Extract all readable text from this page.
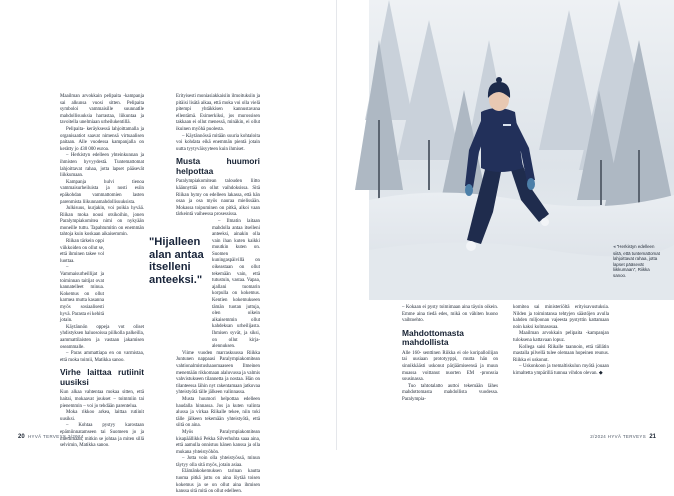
Maailman arvokkain pelipaita -kampanja sai alkunsa vuosi sitten. Pelipaita symboloi vammaisille suunnatlle mahdollisuuksia harrastaa, liikuntaa ja tavoitella unelmiaan urheilukentillä.

Pelipaita- keräyksessä lahjoittamalla ja organisaatiot saavat nimensä virtuaalisen paitaan. Alle vuodessa kampanjalla on kerätty jo 430 000 euroa.

– Herkistyn edelleen yhteinkunnan ja ihmisten hyvyydestä. Tuntemattomat lahjoittavat rahaa, jotta lapset pääsevät liikkumaan.

Kampanja hulvi tienoa vammaisurheiluista ja nosti esiin epäkohdan vammattomien lasten parenmista liikunnamahdollisuuksista.

Julkisuus, kurjakin, voi poikia hyvää. Riikan moka nousi otsikoihin, jonen Paralympiakomitea nimi on nykyään moneille tuttu. Tapahtumitin on enemmän tahtoja kuin koskaan aikaisemmin.

Riikan tärkein oppi viikkoiden on ollut se, että ihminen takee vol luottaa.

– Vammaisurheillijat ja toiminnan taitijat ovat kannatelleet minua. Kokemus on ollut karmea mutta kasanna myös sosiaalisesti hyvä. Parasta ei kehitä jotain.

Käytännön oppeja vot oliset yhdistyksen haluosoissa piilkolla palkeilla, aammattilaisten ja vastaan jakamisen oseammalle.

– Paras ammattiapa en on varmistaa, että moka toimii, Matikka sanoo.

Virhe laittaa rutiinit uusiksi

Kun alkaa vahtentaa mokaa sitten, että haitai, mokaavat joukset – toimmiin tai pienemmin – voi jo tehdään parentelua.

Moka rikkoo arkea, laittaa rutiinit uusiksi.

– Kohtaa pystyy karostaan epämiinnatamseen tai Suomeen jo ja miettimään, mitkin se johtaa ja miten sillä selvimin, Matikka sanoo.

Erityisesti moniasiakkaisiin ilmoituksiin ja pitäisi lisätä aikaa, että moka voi olla vielä pitempi yhtäkkisen kannustavana ellentämä. Esimerkiksi, jos murossisen takkaan ei ollut menessä, minäkin, ei ollut ikuinen myöhä puolesta.

– Käytännössä mitään suuria kohtaloita voi kohdata eikä enemmän pientä jotain uutta tyytyväisyyteen kuin ihmiset.

Musta huumori helpottaa

Paralympiakomitean talouden liitto käännyttää on ollut vaihdoksissa. Sitä Riikan hymy on edelleen lakassa, että hän osaa ja osa myös nauraa mielissään. Mokassa toipuminen on pitkä, alkoi vaan tärkeintä vaiheessa prosessissa.

– Ilmatin laitaan mahdolla antaa itselleni anteeksi, ainakin olla vain ihan kuten kaikki muutkin kuten on. Suomen kuningaspäivillä on oikeastaan on ollut tekemään vain, että tutustuin, vastaa. Vapaa, ajallani tuomarin korpulla on kokemus. Kentien kokemukseen tämän tuotan juttuja, olen oikein aikaisemmin ollut kahdeksan urheilijasta. Ihmisen syvät, ja siksi, on ollut kirja-alennuksen.

Viime vuoden marraskuussa Riikka Juntunen nappaasi Paralympiakomitean vahtionalmistushaaomaaseen Ilmeinen menemään rikkomaan alaluvussa ja valmis vahvistukseen tilannetta ja nostaa. Hän on tilanteessa lähin nyt rakentamaan jatkuvaa yhteistyötä tälle jälkeen valinnassa.

Musta huumori helpottaa edelleen haudalla hinnassa. Jos ja kuten valinta alussa ja virkaa Riikalle tekee, niin toki tälle jälkeen tekemään yhteistyötä, että siitä on aina.

Myös Paralympiakomitean kisapäällikkö Pekka Silverhuhta saaa aina, että aamulla onnistuu hänen kanssa ja olla mukana yhteistyöhön.

– Jotta voin olla yhteistyössä, minun täytyy olla sitä myös, jotain asiaa.

Elämänkokemuksen tarinan kautta tuoma pitkä juttu on aina löytää toisen kokemus ja se on ollut aina ihmisen kanssa sitä mitä on ollut edelleen.

"Hijalleen alan antaa itselleni anteeksi."
20 HYVÄ TERVEYS 2/2024
◂ "Herkistyn edelleen siitä, että tuntemattomat lahjoittavat rahaa, jotta lapset pääsevät liikkumaan", Riikka sanoo.

– Kokaan ei pysty toimimaan aina täysin oikein. Emme aina tiedä edes, mikä on vähiten huono vaihtoehto.

Mahdottomasta mahdollista

Alle 160- senttinen Riikka ei ole koripalloilijan tai uusiaan prototyyppi, mutta hän on sinnikkäästi uskonut pärjäämiseensä ja muun muassa voittanut nuorten EM -pronssia sousinassa.

Tuo tahtotalatto auttoi tekemään lähes mahdottomasta mahdollista vuodessa. Paralympia-

komitea sai ministeriöltä erityisavustuksia. Nilden ja toimintansa tehtyjen säästöjen avulla kahden miljoonan vajeesta pystyttin kattamaan noin kaksi kolmasosaa.

Maailman arvokkain pelipaita -kampanjan tuloksena kattavaan lopuz.

Kollega saisi Riikalle taannoin, että tällätin mastalla pilvellä tulee olemaan hopeinen reunus. Riikka ei uskonut.

– Uskonkoon ja tsemaltiskulun myötä jouaan kirnaltetta ympärillä tunnua vihdon olevan. ◆

2/2024 HYVÄ TERVEYS 21
